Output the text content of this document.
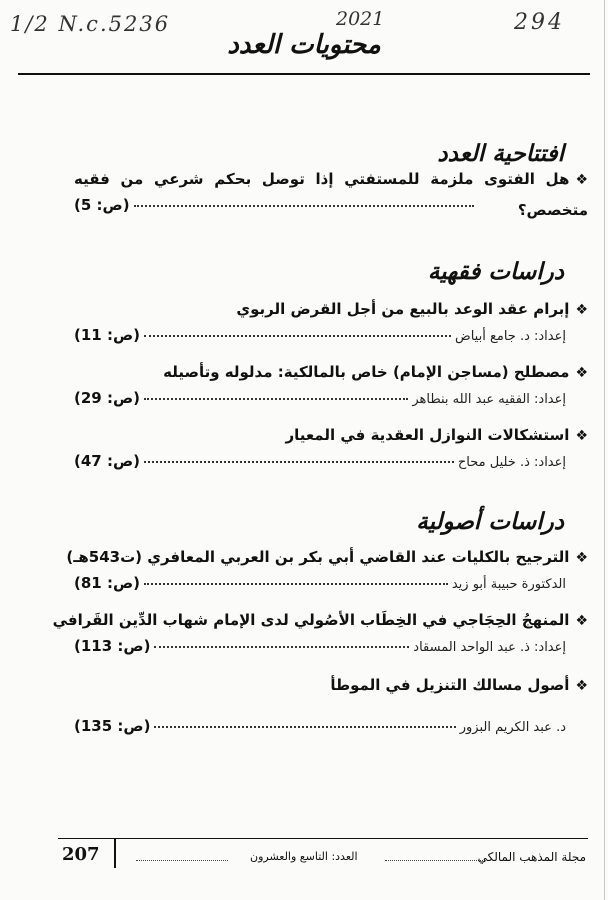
1/2 N.c.5236	2021	294
محتويات العدد
افتتاحية العدد
❖هل الفتوى ملزمة للمستفتي إذا توصل بحكم شرعي من فقيه متخصص؟
(ص: 5)
دراسات فقهية
❖إبرام عقد الوعد بالبيع من أجل القرض الربوي
إعداد: د. جامع أبياض
(ص: 11)
❖مصطلح (مساجن الإمام) خاص بالمالكية: مدلوله وتأصيله
إعداد: الفقيه عبد الله بنطاهر
(ص: 29)
❖استشكالات النوازل العقدية في المعيار
إعداد: ذ. خليل محاح
(ص: 47)
دراسات أصولية
❖الترجيح بالكليات عند القاضي أبي بكر بن العربي المعافري (ت543هـ)
الدكتورة حبيبة أبو زيد
(ص: 81)
❖المنهجُ الحِجَاجي في الخِطَاب الأصُولي لدى الإمام شهاب الدِّين القَرافي
إعداد: ذ. عبد الواحد المسقاد
(ص: 113)
❖أصول مسالك التنزيل في الموطأ
د. عبد الكريم البزور
(ص: 135)
207	العدد: التاسع والعشرون	مجلة المذهب المالكي
